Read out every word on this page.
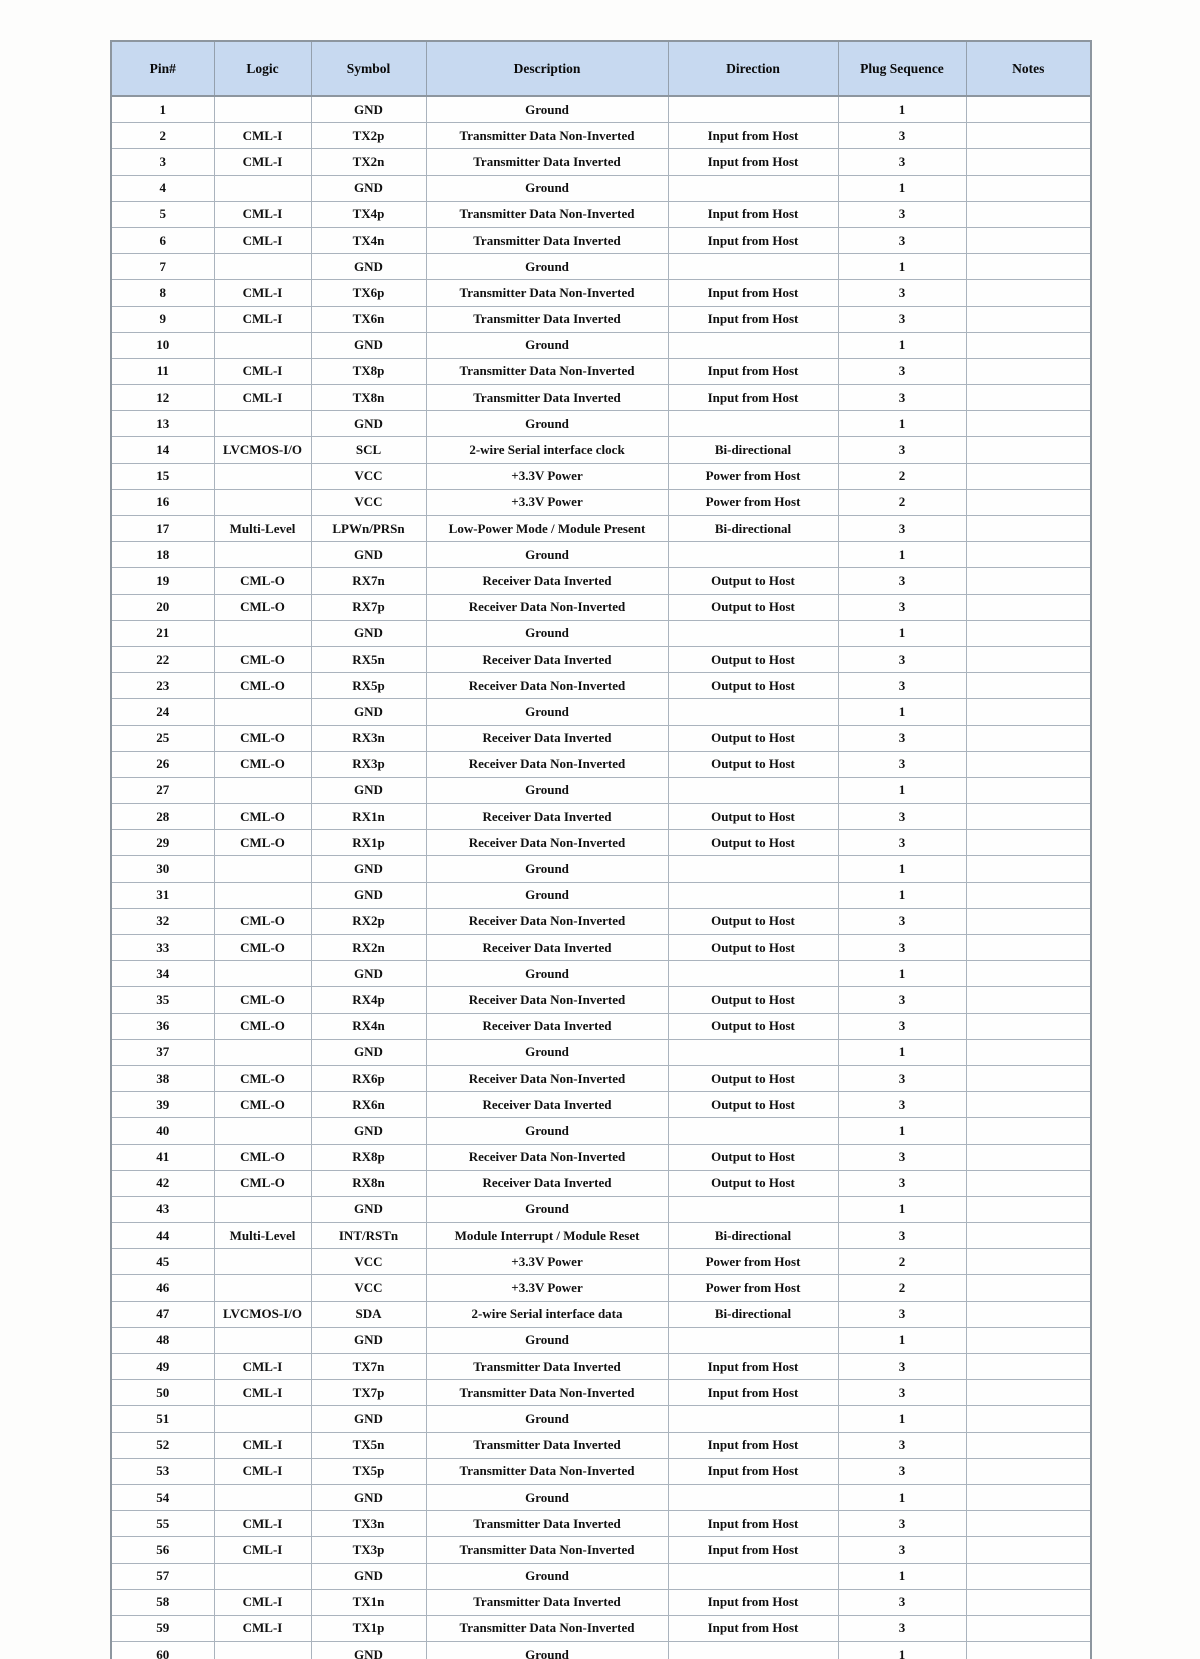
Pin#	Logic	Symbol	Description	Direction	Plug Sequence	Notes
1		GND	Ground		1	
2	CML-I	TX2p	Transmitter Data Non-Inverted	Input from Host	3	
3	CML-I	TX2n	Transmitter Data Inverted	Input from Host	3	
4		GND	Ground		1	
5	CML-I	TX4p	Transmitter Data Non-Inverted	Input from Host	3	
6	CML-I	TX4n	Transmitter Data Inverted	Input from Host	3	
7		GND	Ground		1	
8	CML-I	TX6p	Transmitter Data Non-Inverted	Input from Host	3	
9	CML-I	TX6n	Transmitter Data Inverted	Input from Host	3	
10		GND	Ground		1	
11	CML-I	TX8p	Transmitter Data Non-Inverted	Input from Host	3	
12	CML-I	TX8n	Transmitter Data Inverted	Input from Host	3	
13		GND	Ground		1	
14	LVCMOS-I/O	SCL	2-wire Serial interface clock	Bi-directional	3	
15		VCC	+3.3V Power	Power from Host	2	
16		VCC	+3.3V Power	Power from Host	2	
17	Multi-Level	LPWn/PRSn	Low-Power Mode / Module Present	Bi-directional	3	
18		GND	Ground		1	
19	CML-O	RX7n	Receiver Data Inverted	Output to Host	3	
20	CML-O	RX7p	Receiver Data Non-Inverted	Output to Host	3	
21		GND	Ground		1	
22	CML-O	RX5n	Receiver Data Inverted	Output to Host	3	
23	CML-O	RX5p	Receiver Data Non-Inverted	Output to Host	3	
24		GND	Ground		1	
25	CML-O	RX3n	Receiver Data Inverted	Output to Host	3	
26	CML-O	RX3p	Receiver Data Non-Inverted	Output to Host	3	
27		GND	Ground		1	
28	CML-O	RX1n	Receiver Data Inverted	Output to Host	3	
29	CML-O	RX1p	Receiver Data Non-Inverted	Output to Host	3	
30		GND	Ground		1	
31		GND	Ground		1	
32	CML-O	RX2p	Receiver Data Non-Inverted	Output to Host	3	
33	CML-O	RX2n	Receiver Data Inverted	Output to Host	3	
34		GND	Ground		1	
35	CML-O	RX4p	Receiver Data Non-Inverted	Output to Host	3	
36	CML-O	RX4n	Receiver Data Inverted	Output to Host	3	
37		GND	Ground		1	
38	CML-O	RX6p	Receiver Data Non-Inverted	Output to Host	3	
39	CML-O	RX6n	Receiver Data Inverted	Output to Host	3	
40		GND	Ground		1	
41	CML-O	RX8p	Receiver Data Non-Inverted	Output to Host	3	
42	CML-O	RX8n	Receiver Data Inverted	Output to Host	3	
43		GND	Ground		1	
44	Multi-Level	INT/RSTn	Module Interrupt / Module Reset	Bi-directional	3	
45		VCC	+3.3V Power	Power from Host	2	
46		VCC	+3.3V Power	Power from Host	2	
47	LVCMOS-I/O	SDA	2-wire Serial interface data	Bi-directional	3	
48		GND	Ground		1	
49	CML-I	TX7n	Transmitter Data Inverted	Input from Host	3	
50	CML-I	TX7p	Transmitter Data Non-Inverted	Input from Host	3	
51		GND	Ground		1	
52	CML-I	TX5n	Transmitter Data Inverted	Input from Host	3	
53	CML-I	TX5p	Transmitter Data Non-Inverted	Input from Host	3	
54		GND	Ground		1	
55	CML-I	TX3n	Transmitter Data Inverted	Input from Host	3	
56	CML-I	TX3p	Transmitter Data Non-Inverted	Input from Host	3	
57		GND	Ground		1	
58	CML-I	TX1n	Transmitter Data Inverted	Input from Host	3	
59	CML-I	TX1p	Transmitter Data Non-Inverted	Input from Host	3	
60		GND	Ground		1	
